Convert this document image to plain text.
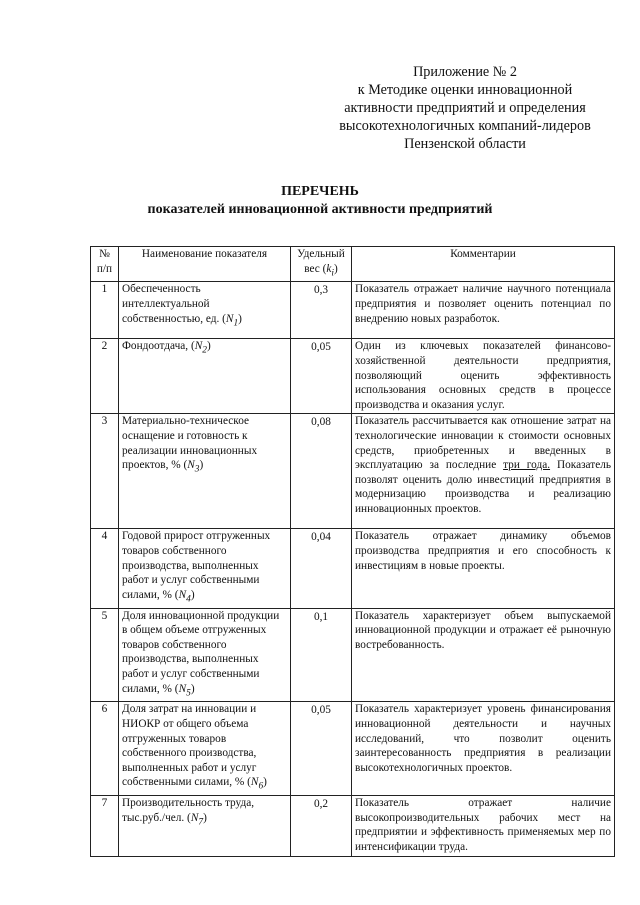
Приложение № 2
к Методике оценки инновационной
активности предприятий и определения
высокотехнологичных компаний-лидеров
Пензенской области
ПЕРЕЧЕНЬ
показателей инновационной активности предприятий
№ п/п	Наименование показателя	Удельный вес $(k_i)$	Комментарии
1	Обеспеченность интеллектуальной собственностью, ед. $(N_1)$	0,3	Показатель отражает наличие научного потенциала предприятия и позволяет оценить потенциал по внедрению новых разработок.
2	Фондоотдача, $(N_2)$	0,05	Один из ключевых показателей финансово-хозяйственной деятельности предприятия, позволяющий оценить эффективность использования основных средств в процессе производства и оказания услуг.
3	Материально-техническое оснащение и готовность к реализации инновационных проектов, % $(N_3)$	0,08	Показатель рассчитывается как отношение затрат на технологические инновации к стоимости основных средств, приобретенных и введенных в эксплуатацию за последние три года. Показатель позволят оценить долю инвестиций предприятия в модернизацию производства и реализацию инновационных проектов.
4	Годовой прирост отгруженных товаров собственного производства, выполненных работ и услуг собственными силами, % $(N_4)$	0,04	Показатель отражает динамику объемов производства предприятия и его способность к инвестициям в новые проекты.
5	Доля инновационной продукции в общем объеме отгруженных товаров собственного производства, выполненных работ и услуг собственными силами, % $(N_5)$	0,1	Показатель характеризует объем выпускаемой инновационной продукции и отражает её рыночную востребованность.
6	Доля затрат на инновации и НИОКР от общего объема отгруженных товаров собственного производства, выполненных работ и услуг собственными силами, % $(N_6)$	0,05	Показатель характеризует уровень финансирования инновационной деятельности и научных исследований, что позволит оценить заинтересованность предприятия в реализации высокотехнологичных проектов.
7	Производительность труда, тыс.руб./чел. $(N_7)$	0,2	Показатель отражает наличие высокопроизводительных рабочих мест на предприятии и эффективность применяемых мер по интенсификации труда.
